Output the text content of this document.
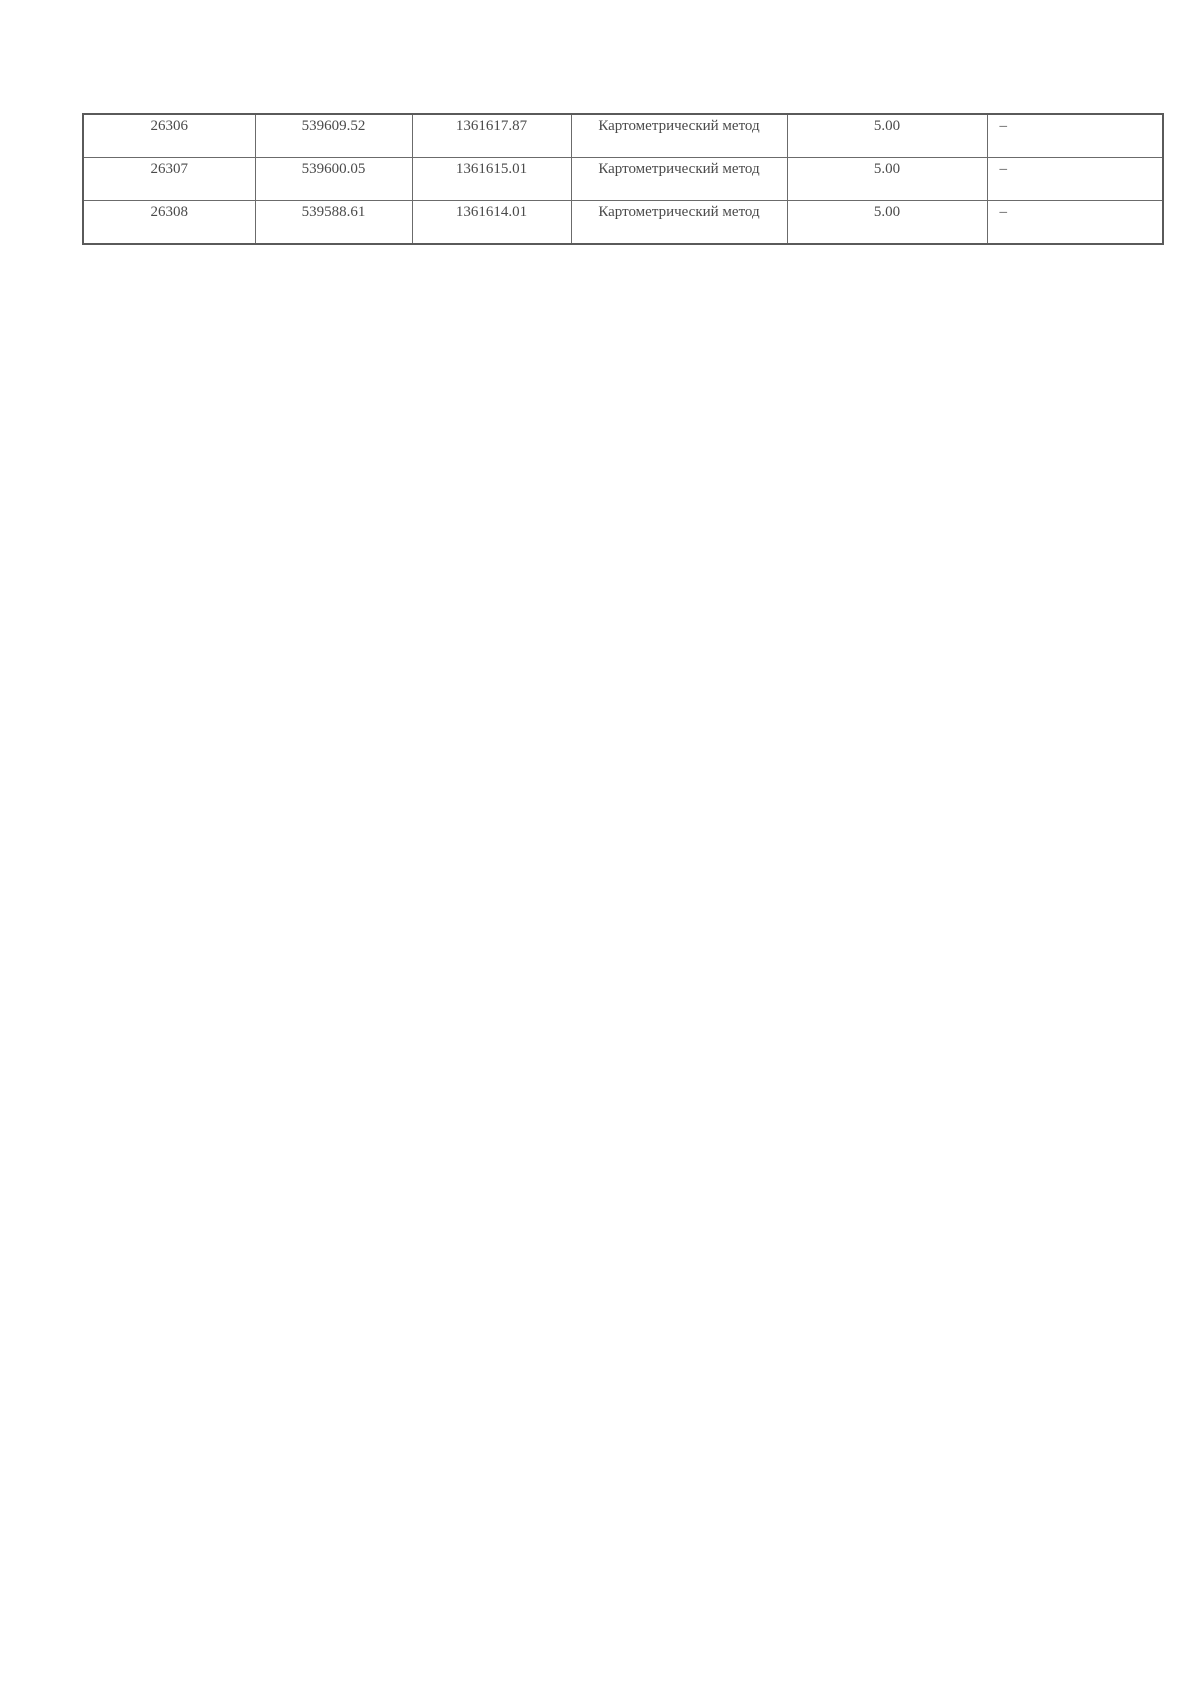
26306	539609.52	1361617.87	Картометрический метод	5.00	–
26307	539600.05	1361615.01	Картометрический метод	5.00	–
26308	539588.61	1361614.01	Картометрический метод	5.00	–
